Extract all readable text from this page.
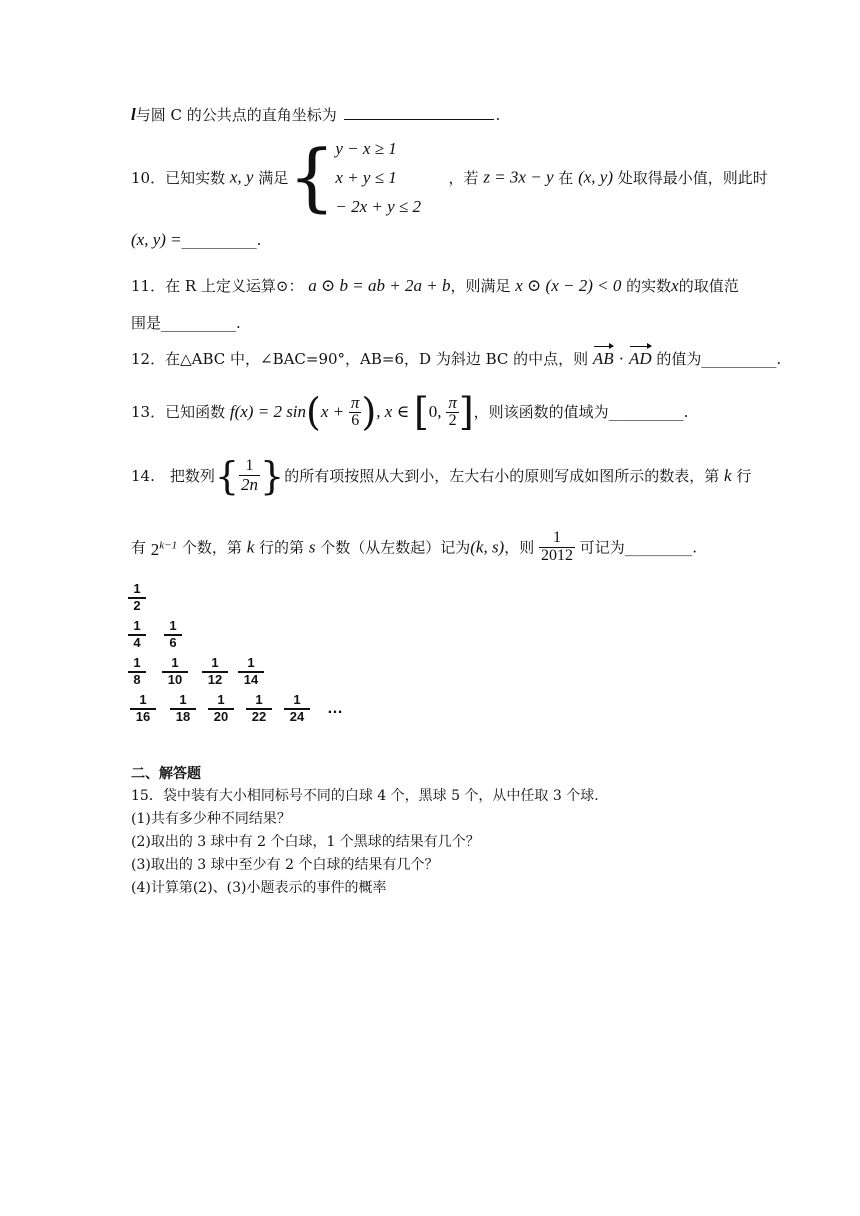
l与圆 C 的公共点的直角坐标为	.
10．已知实数 x, y 满足{ y − x ≥ 1
x + y ≤ 1
− 2x + y ≤ 2
，若 z = 3x − y 在 (x, y) 处取得最小值，则此时
(x, y) =__________.
11．在 R 上定义运算⊙： a ⊙ b = ab + 2a + b，则满足 x ⊙ (x − 2) < 0 的实数x的取值范
围是__________.
12．在△ABC 中，∠BAC=90°，AB=6，D 为斜边 BC 的中点，则 AB · AD 的值为__________.
13．已知函数 f(x) = 2 $\sin(x + \frac{\pi}{6}$ ), x ∈ [0, $\frac{\pi}{2}$ ]，则该函数的值域为__________.
14.　把数列{ $\frac{1}{2n}$ }的所有项按照从大到小，左大右小的原则写成如图所示的数表，第 k 行
有 $2^{k-1}$ 个数，第 k 行的第 s 个数（从左数起）记为(k, s)，则 $\frac{1}{2012}$ 可记为_________.
1
2
1
4
1
6
1
8
1
10
1
12
1
14
1
16
1
18
1
20
1
22
1
24	…
二、解答题
15．袋中装有大小相同标号不同的白球 4 个，黑球 5 个，从中任取 3 个球.
(1)共有多少种不同结果？
(2)取出的 3 球中有 2 个白球，1 个黑球的结果有几个？
(3)取出的 3 球中至少有 2 个白球的结果有几个？
(4)计算第(2)、(3)小题表示的事件的概率
